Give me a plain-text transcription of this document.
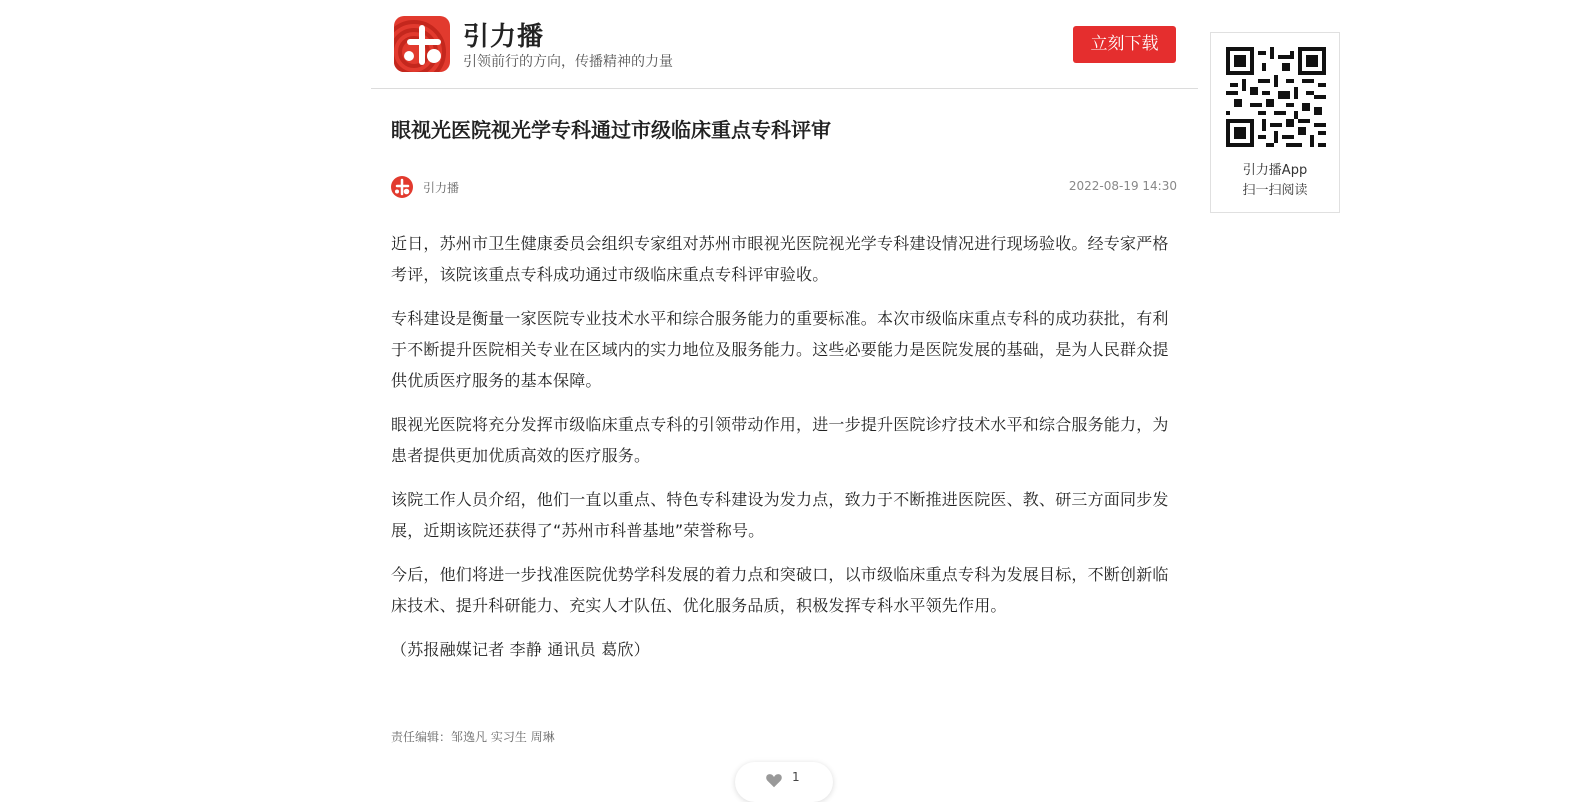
引力播
引领前行的方向，传播精神的力量
立刻下载
引力播App
扫一扫阅读
眼视光医院视光学专科通过市级临床重点专科评审
引力播	2022-08-19 14:30

近日，苏州市卫生健康委员会组织专家组对苏州市眼视光医院视光学专科建设情况进行现场验收。经专家严格考评，该院该重点专科成功通过市级临床重点专科评审验收。

专科建设是衡量一家医院专业技术水平和综合服务能力的重要标准。本次市级临床重点专科的成功获批，有利于不断提升医院相关专业在区域内的实力地位及服务能力。这些必要能力是医院发展的基础，是为人民群众提供优质医疗服务的基本保障。

眼视光医院将充分发挥市级临床重点专科的引领带动作用，进一步提升医院诊疗技术水平和综合服务能力，为患者提供更加优质高效的医疗服务。

该院工作人员介绍，他们一直以重点、特色专科建设为发力点，致力于不断推进医院医、教、研三方面同步发展，近期该院还获得了“苏州市科普基地”荣誉称号。

今后，他们将进一步找准医院优势学科发展的着力点和突破口，以市级临床重点专科为发展目标，不断创新临床技术、提升科研能力、充实人才队伍、优化服务品质，积极发挥专科水平领先作用。

（苏报融媒记者 李静 通讯员 葛欣）

责任编辑：邹逸凡 实习生 周琳
1
